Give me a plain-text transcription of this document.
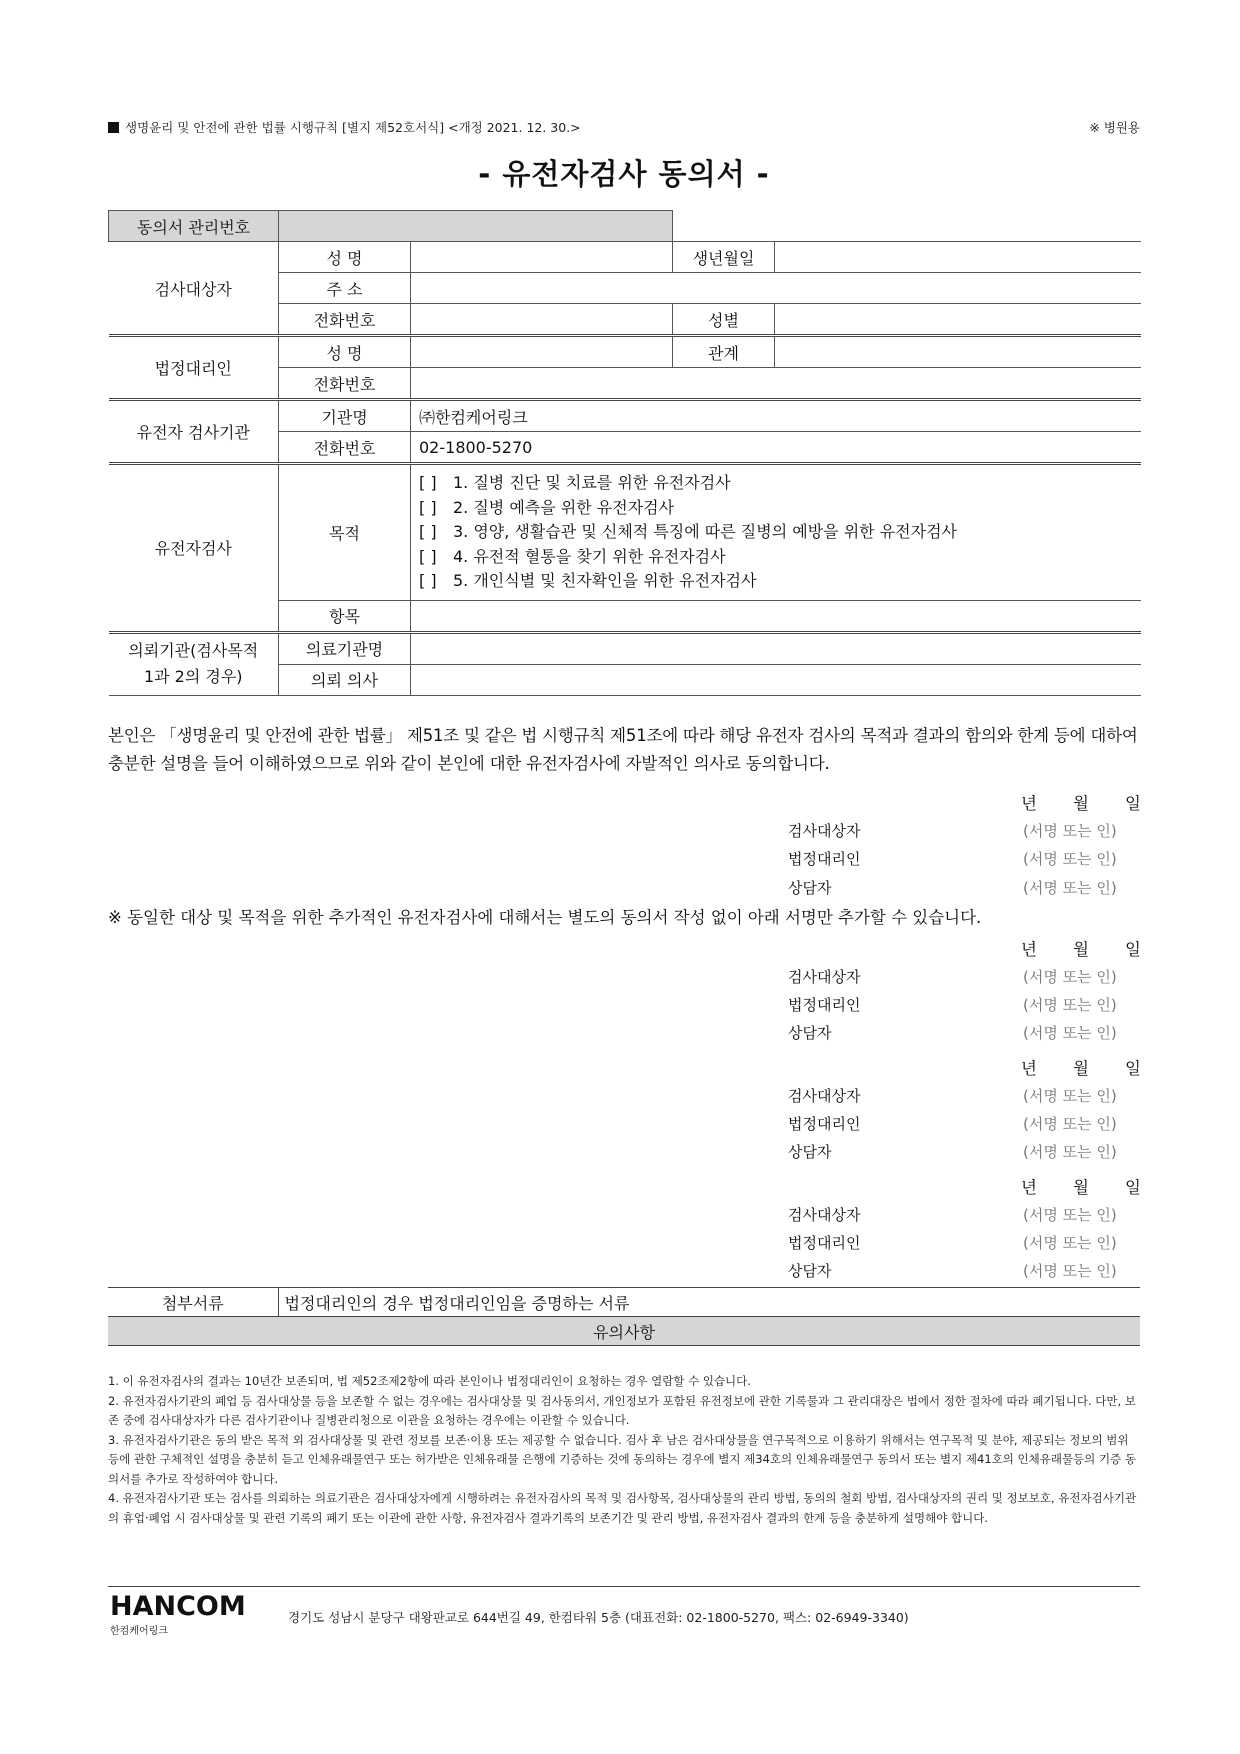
생명윤리 및 안전에 관한 법률 시행규칙 [별지 제52호서식] <개정 2021. 12. 30.>	※ 병원용
- 유전자검사 동의서 -
동의서 관리번호				
검사대상자	성 명		생년월일	
	주 소			
	전화번호		성별	
법정대리인	성 명		관계	
	전화번호			
유전자 검사기관	기관명	㈜한컴케어링크		
	전화번호	02-1800-5270		
유전자검사	목적	[ ] 1. 질병 진단 및 치료를 위한 유전자검사
[ ] 2. 질병 예측을 위한 유전자검사
[ ] 3. 영양, 생활습관 및 신체적 특징에 따른 질병의 예방을 위한 유전자검사
[ ] 4. 유전적 혈통을 찾기 위한 유전자검사
[ ] 5. 개인식별 및 친자확인을 위한 유전자검사		

	항목			
의뢰기관(검사목적
1과 2의 경우)	의료기관명			
	의뢰 의사			
본인은 「생명윤리 및 안전에 관한 법률」 제51조 및 같은 법 시행규칙 제51조에 따라 해당 유전자 검사의 목적과 결과의 함의와 한계 등에 대하여 충분한 설명을 들어 이해하였으므로 위와 같이 본인에 대한 유전자검사에 자발적인 의사로 동의합니다.
년 월 일
검사대상자	(서명 또는 인)
법정대리인	(서명 또는 인)
상담자	(서명 또는 인)
※ 동일한 대상 및 목적을 위한 추가적인 유전자검사에 대해서는 별도의 동의서 작성 없이 아래 서명만 추가할 수 있습니다.
년 월 일
검사대상자	(서명 또는 인)
법정대리인	(서명 또는 인)
상담자	(서명 또는 인)
년 월 일
검사대상자	(서명 또는 인)
법정대리인	(서명 또는 인)
상담자	(서명 또는 인)
년 월 일
검사대상자	(서명 또는 인)
법정대리인	(서명 또는 인)
상담자	(서명 또는 인)
첨부서류	법정대리인의 경우 법정대리인임을 증명하는 서류
유의사항

1. 이 유전자검사의 결과는 10년간 보존되며, 법 제52조제2항에 따라 본인이나 법정대리인이 요청하는 경우 열람할 수 있습니다.

2. 유전자검사기관의 폐업 등 검사대상물 등을 보존할 수 없는 경우에는 검사대상물 및 검사동의서, 개인정보가 포함된 유전정보에 관한 기록물과 그 관리대장은 법에서 정한 절차에 따라 폐기됩니다. 다만, 보존 중에 검사대상자가 다른 검사기관이나 질병관리청으로 이관을 요청하는 경우에는 이관할 수 있습니다.

3. 유전자검사기관은 동의 받은 목적 외 검사대상물 및 관련 정보를 보존·이용 또는 제공할 수 없습니다. 검사 후 남은 검사대상물을 연구목적으로 이용하기 위해서는 연구목적 및 분야, 제공되는 정보의 범위 등에 관한 구체적인 설명을 충분히 듣고 인체유래물연구 또는 허가받은 인체유래물 은행에 기증하는 것에 동의하는 경우에 별지 제34호의 인체유래물연구 동의서 또는 별지 제41호의 인체유래물등의 기증 동의서를 추가로 작성하여야 합니다.

4. 유전자검사기관 또는 검사를 의뢰하는 의료기관은 검사대상자에게 시행하려는 유전자검사의 목적 및 검사항목, 검사대상물의 관리 방법, 동의의 철회 방법, 검사대상자의 권리 및 정보보호, 유전자검사기관의 휴업·폐업 시 검사대상물 및 관련 기록의 폐기 또는 이관에 관한 사항, 유전자검사 결과기록의 보존기간 및 관리 방법, 유전자검사 결과의 한계 등을 충분하게 설명해야 합니다.

HANCOM
한컴케어링크
경기도 성남시 분당구 대왕판교로 644번길 49, 한컴타워 5층 (대표전화: 02-1800-5270, 팩스: 02-6949-3340)
